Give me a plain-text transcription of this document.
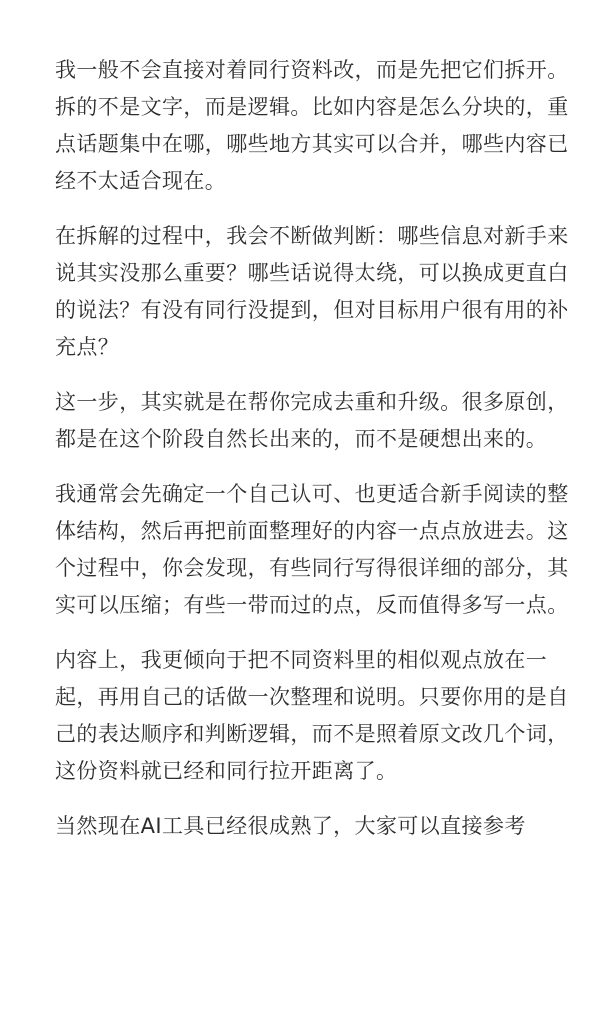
我一般不会直接对着同行资料改，而是先把它们拆开。拆的不是文字，而是逻辑。比如内容是怎么分块的，重点话题集中在哪，哪些地方其实可以合并，哪些内容已经不太适合现在。

在拆解的过程中，我会不断做判断：哪些信息对新手来说其实没那么重要？哪些话说得太绕，可以换成更直白的说法？有没有同行没提到，但对目标用户很有用的补充点？

这一步，其实就是在帮你完成去重和升级。很多原创，都是在这个阶段自然长出来的，而不是硬想出来的。

我通常会先确定一个自己认可、也更适合新手阅读的整体结构，然后再把前面整理好的内容一点点放进去。这个过程中，你会发现，有些同行写得很详细的部分，其实可以压缩；有些一带而过的点，反而值得多写一点。

内容上，我更倾向于把不同资料里的相似观点放在一起，再用自己的话做一次整理和说明。只要你用的是自己的表达顺序和判断逻辑，而不是照着原文改几个词，这份资料就已经和同行拉开距离了。

当然现在AI工具已经很成熟了，大家可以直接参考
